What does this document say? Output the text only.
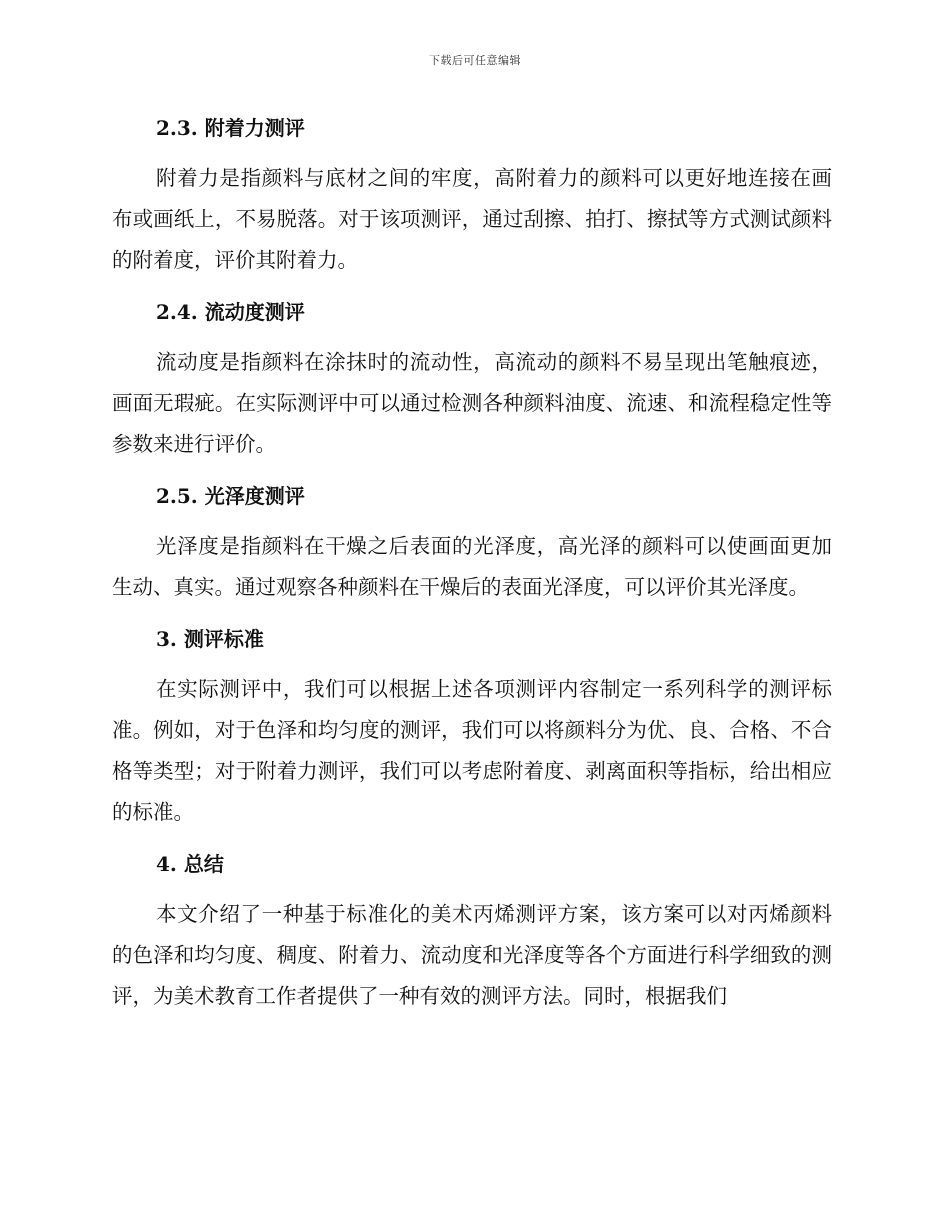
下载后可任意编辑
2.3. 附着力测评

附着力是指颜料与底材之间的牢度，高附着力的颜料可以更好地连接在画布或画纸上，不易脱落。对于该项测评，通过刮擦、拍打、擦拭等方式测试颜料的附着度，评价其附着力。

2.4. 流动度测评

流动度是指颜料在涂抹时的流动性，高流动的颜料不易呈现出笔触痕迹，画面无瑕疵。在实际测评中可以通过检测各种颜料油度、流速、和流程稳定性等参数来进行评价。

2.5. 光泽度测评

光泽度是指颜料在干燥之后表面的光泽度，高光泽的颜料可以使画面更加生动、真实。通过观察各种颜料在干燥后的表面光泽度，可以评价其光泽度。

3. 测评标准

在实际测评中，我们可以根据上述各项测评内容制定一系列科学的测评标准。例如，对于色泽和均匀度的测评，我们可以将颜料分为优、良、合格、不合格等类型；对于附着力测评，我们可以考虑附着度、剥离面积等指标，给出相应的标准。

4. 总结

本文介绍了一种基于标准化的美术丙烯测评方案，该方案可以对丙烯颜料的色泽和均匀度、稠度、附着力、流动度和光泽度等各个方面进行科学细致的测评，为美术教育工作者提供了一种有效的测评方法。同时，根据我们
